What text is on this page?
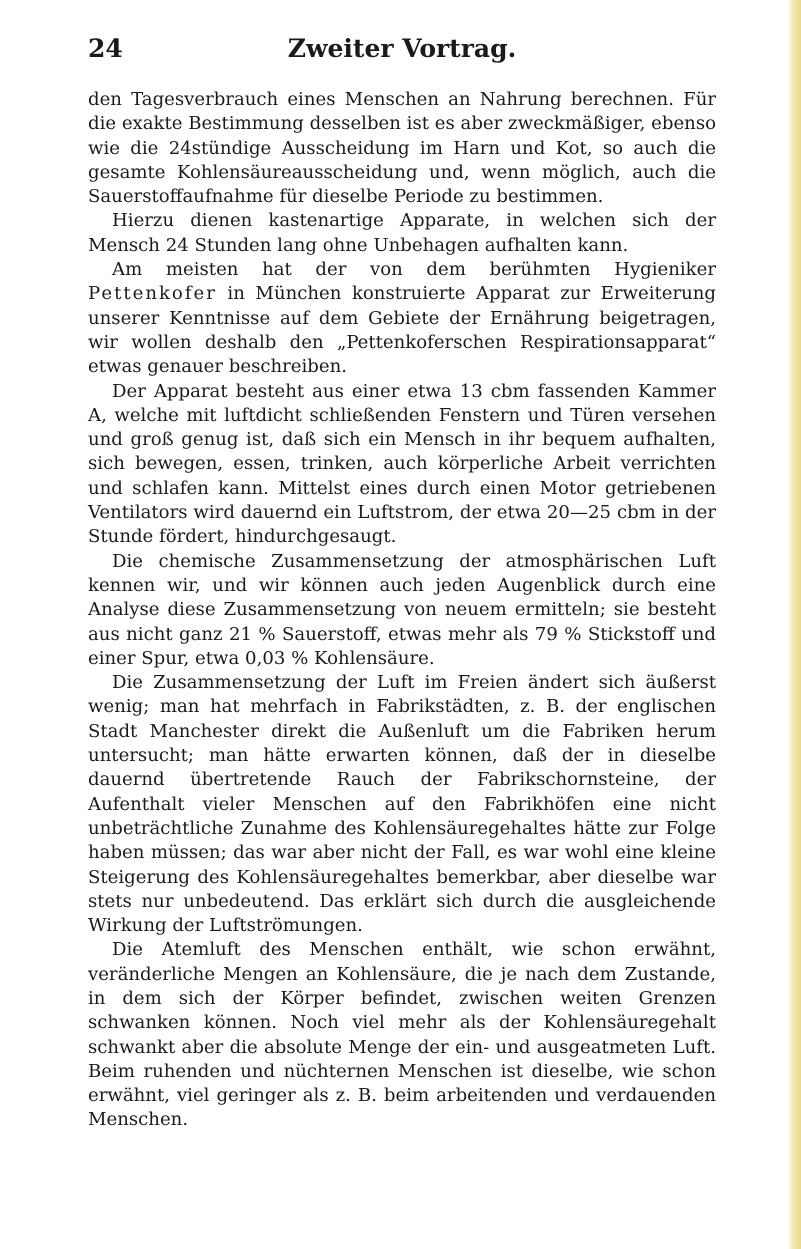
24	Zweiter Vortrag.

den Tagesverbrauch eines Menschen an Nahrung berechnen. Für die exakte Bestimmung desselben ist es aber zweckmäßiger, ebenso wie die 24stündige Ausscheidung im Harn und Kot, so auch die gesamte Kohlensäureausscheidung und, wenn möglich, auch die Sauerstoffaufnahme für dieselbe Periode zu bestimmen.

Hierzu dienen kastenartige Apparate, in welchen sich der Mensch 24 Stunden lang ohne Unbehagen aufhalten kann.

Am meisten hat der von dem berühmten Hygieniker Pettenkofer in München konstruierte Apparat zur Erweiterung unserer Kenntnisse auf dem Gebiete der Ernährung beigetragen, wir wollen deshalb den „Pettenkoferschen Respirationsapparat“ etwas genauer beschreiben.

Der Apparat besteht aus einer etwa 13 cbm fassenden Kammer A, welche mit luftdicht schließenden Fenstern und Türen versehen und groß genug ist, daß sich ein Mensch in ihr bequem aufhalten, sich bewegen, essen, trinken, auch körperliche Arbeit verrichten und schlafen kann. Mittelst eines durch einen Motor getriebenen Ventilators wird dauernd ein Luftstrom, der etwa 20—25 cbm in der Stunde fördert, hindurchgesaugt.

Die chemische Zusammensetzung der atmosphärischen Luft kennen wir, und wir können auch jeden Augenblick durch eine Analyse diese Zusammensetzung von neuem ermitteln; sie besteht aus nicht ganz 21 % Sauerstoff, etwas mehr als 79 % Stickstoff und einer Spur, etwa 0,03 % Kohlensäure.

Die Zusammensetzung der Luft im Freien ändert sich äußerst wenig; man hat mehrfach in Fabrikstädten, z. B. der englischen Stadt Manchester direkt die Außenluft um die Fabriken herum untersucht; man hätte erwarten können, daß der in dieselbe dauernd übertretende Rauch der Fabrikschornsteine, der Aufenthalt vieler Menschen auf den Fabrikhöfen eine nicht unbeträchtliche Zunahme des Kohlensäuregehaltes hätte zur Folge haben müssen; das war aber nicht der Fall, es war wohl eine kleine Steigerung des Kohlensäuregehaltes bemerkbar, aber dieselbe war stets nur unbedeutend. Das erklärt sich durch die ausgleichende Wirkung der Luftströmungen.

Die Atemluft des Menschen enthält, wie schon erwähnt, veränderliche Mengen an Kohlensäure, die je nach dem Zustande, in dem sich der Körper befindet, zwischen weiten Grenzen schwanken können. Noch viel mehr als der Kohlensäuregehalt schwankt aber die absolute Menge der ein- und ausgeatmeten Luft. Beim ruhenden und nüchternen Menschen ist dieselbe, wie schon erwähnt, viel geringer als z. B. beim arbeitenden und verdauenden Menschen.
